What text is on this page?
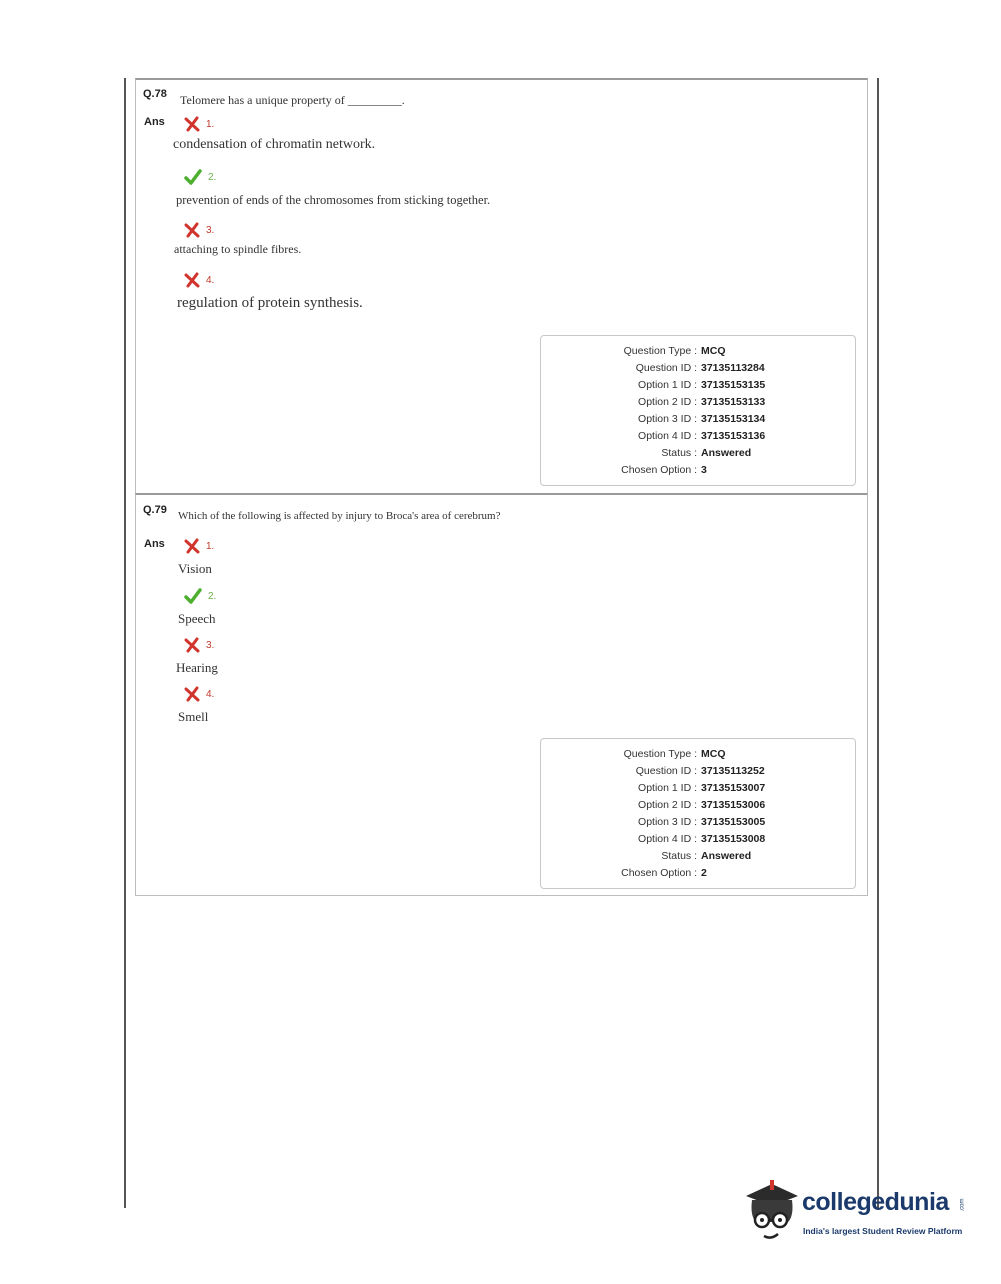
Q.78 Telomere has a unique property of _________.
Ans	1.
condensation of chromatin network.
2.
prevention of ends of the chromosomes from sticking together.
3.
attaching to spindle fibres.
4.
regulation of protein synthesis.
Question Type : MCQ
Question ID : 37135113284
Option 1 ID : 37135153135
Option 2 ID : 37135153133
Option 3 ID : 37135153134
Option 4 ID : 37135153136
Status : Answered
Chosen Option : 3
Q.79 Which of the following is affected by injury to Broca's area of cerebrum?
Ans	1.
Vision
2.
Speech
3.
Hearing
4.
Smell
Question Type : MCQ
Question ID : 37135113252
Option 1 ID : 37135153007
Option 2 ID : 37135153006
Option 3 ID : 37135153005
Option 4 ID : 37135153008
Status : Answered
Chosen Option : 2
collegedunia .com
India's largest Student Review Platform
